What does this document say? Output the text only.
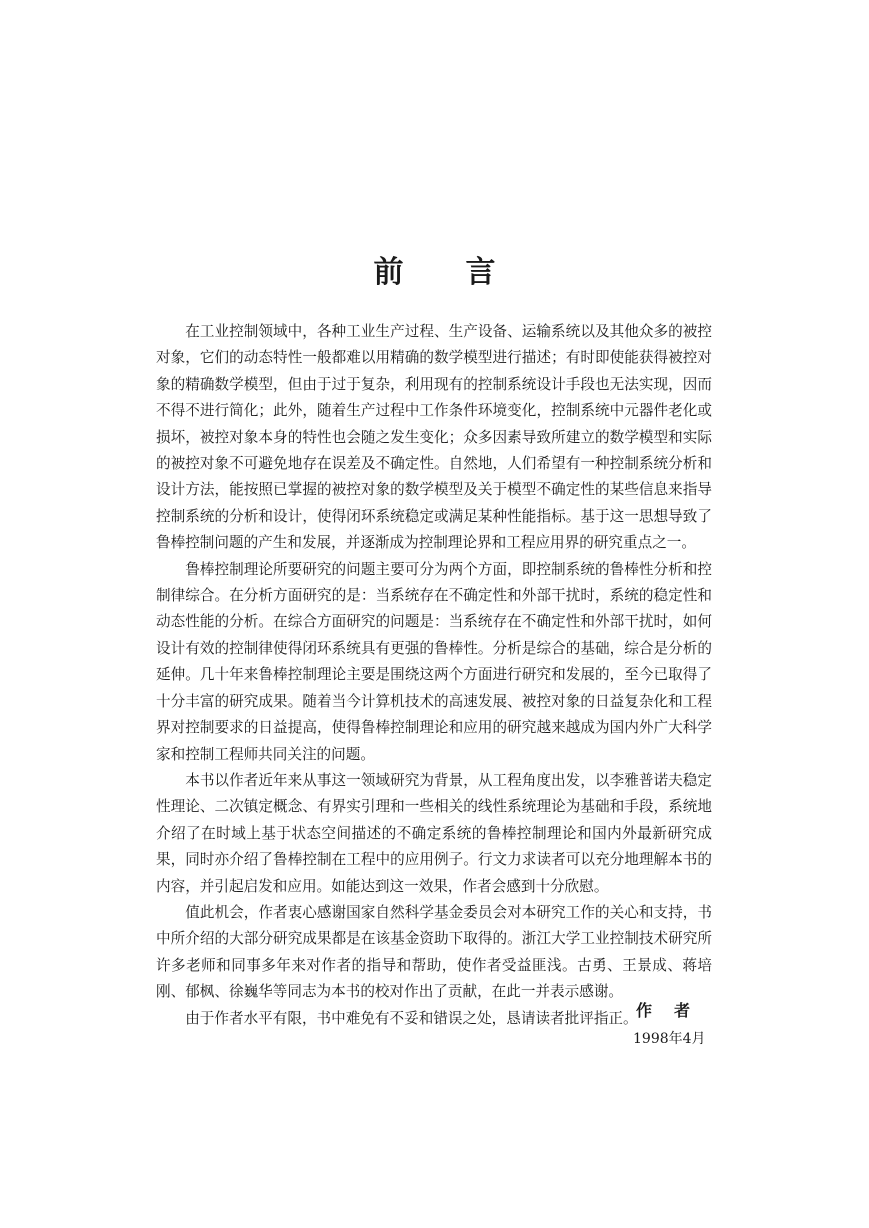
前 言

在工业控制领域中，各种工业生产过程、生产设备、运输系统以及其他众多的被控对象，它们的动态特性一般都难以用精确的数学模型进行描述；有时即使能获得被控对象的精确数学模型，但由于过于复杂，利用现有的控制系统设计手段也无法实现，因而不得不进行简化；此外，随着生产过程中工作条件环境变化，控制系统中元器件老化或损坏，被控对象本身的特性也会随之发生变化；众多因素导致所建立的数学模型和实际的被控对象不可避免地存在误差及不确定性。自然地，人们希望有一种控制系统分析和设计方法，能按照已掌握的被控对象的数学模型及关于模型不确定性的某些信息来指导控制系统的分析和设计，使得闭环系统稳定或满足某种性能指标。基于这一思想导致了鲁棒控制问题的产生和发展，并逐渐成为控制理论界和工程应用界的研究重点之一。

鲁棒控制理论所要研究的问题主要可分为两个方面，即控制系统的鲁棒性分析和控制律综合。在分析方面研究的是：当系统存在不确定性和外部干扰时，系统的稳定性和动态性能的分析。在综合方面研究的问题是：当系统存在不确定性和外部干扰时，如何设计有效的控制律使得闭环系统具有更强的鲁棒性。分析是综合的基础，综合是分析的延伸。几十年来鲁棒控制理论主要是围绕这两个方面进行研究和发展的，至今已取得了十分丰富的研究成果。随着当今计算机技术的高速发展、被控对象的日益复杂化和工程界对控制要求的日益提高，使得鲁棒控制理论和应用的研究越来越成为国内外广大科学家和控制工程师共同关注的问题。

本书以作者近年来从事这一领域研究为背景，从工程角度出发，以李雅普诺夫稳定性理论、二次镇定概念、有界实引理和一些相关的线性系统理论为基础和手段，系统地介绍了在时域上基于状态空间描述的不确定系统的鲁棒控制理论和国内外最新研究成果，同时亦介绍了鲁棒控制在工程中的应用例子。行文力求读者可以充分地理解本书的内容，并引起启发和应用。如能达到这一效果，作者会感到十分欣慰。

值此机会，作者衷心感谢国家自然科学基金委员会对本研究工作的关心和支持，书中所介绍的大部分研究成果都是在该基金资助下取得的。浙江大学工业控制技术研究所许多老师和同事多年来对作者的指导和帮助，使作者受益匪浅。古勇、王景成、蒋培刚、郁枫、徐巍华等同志为本书的校对作出了贡献，在此一并表示感谢。

由于作者水平有限，书中难免有不妥和错误之处，恳请读者批评指正。

作者
1998年4月
